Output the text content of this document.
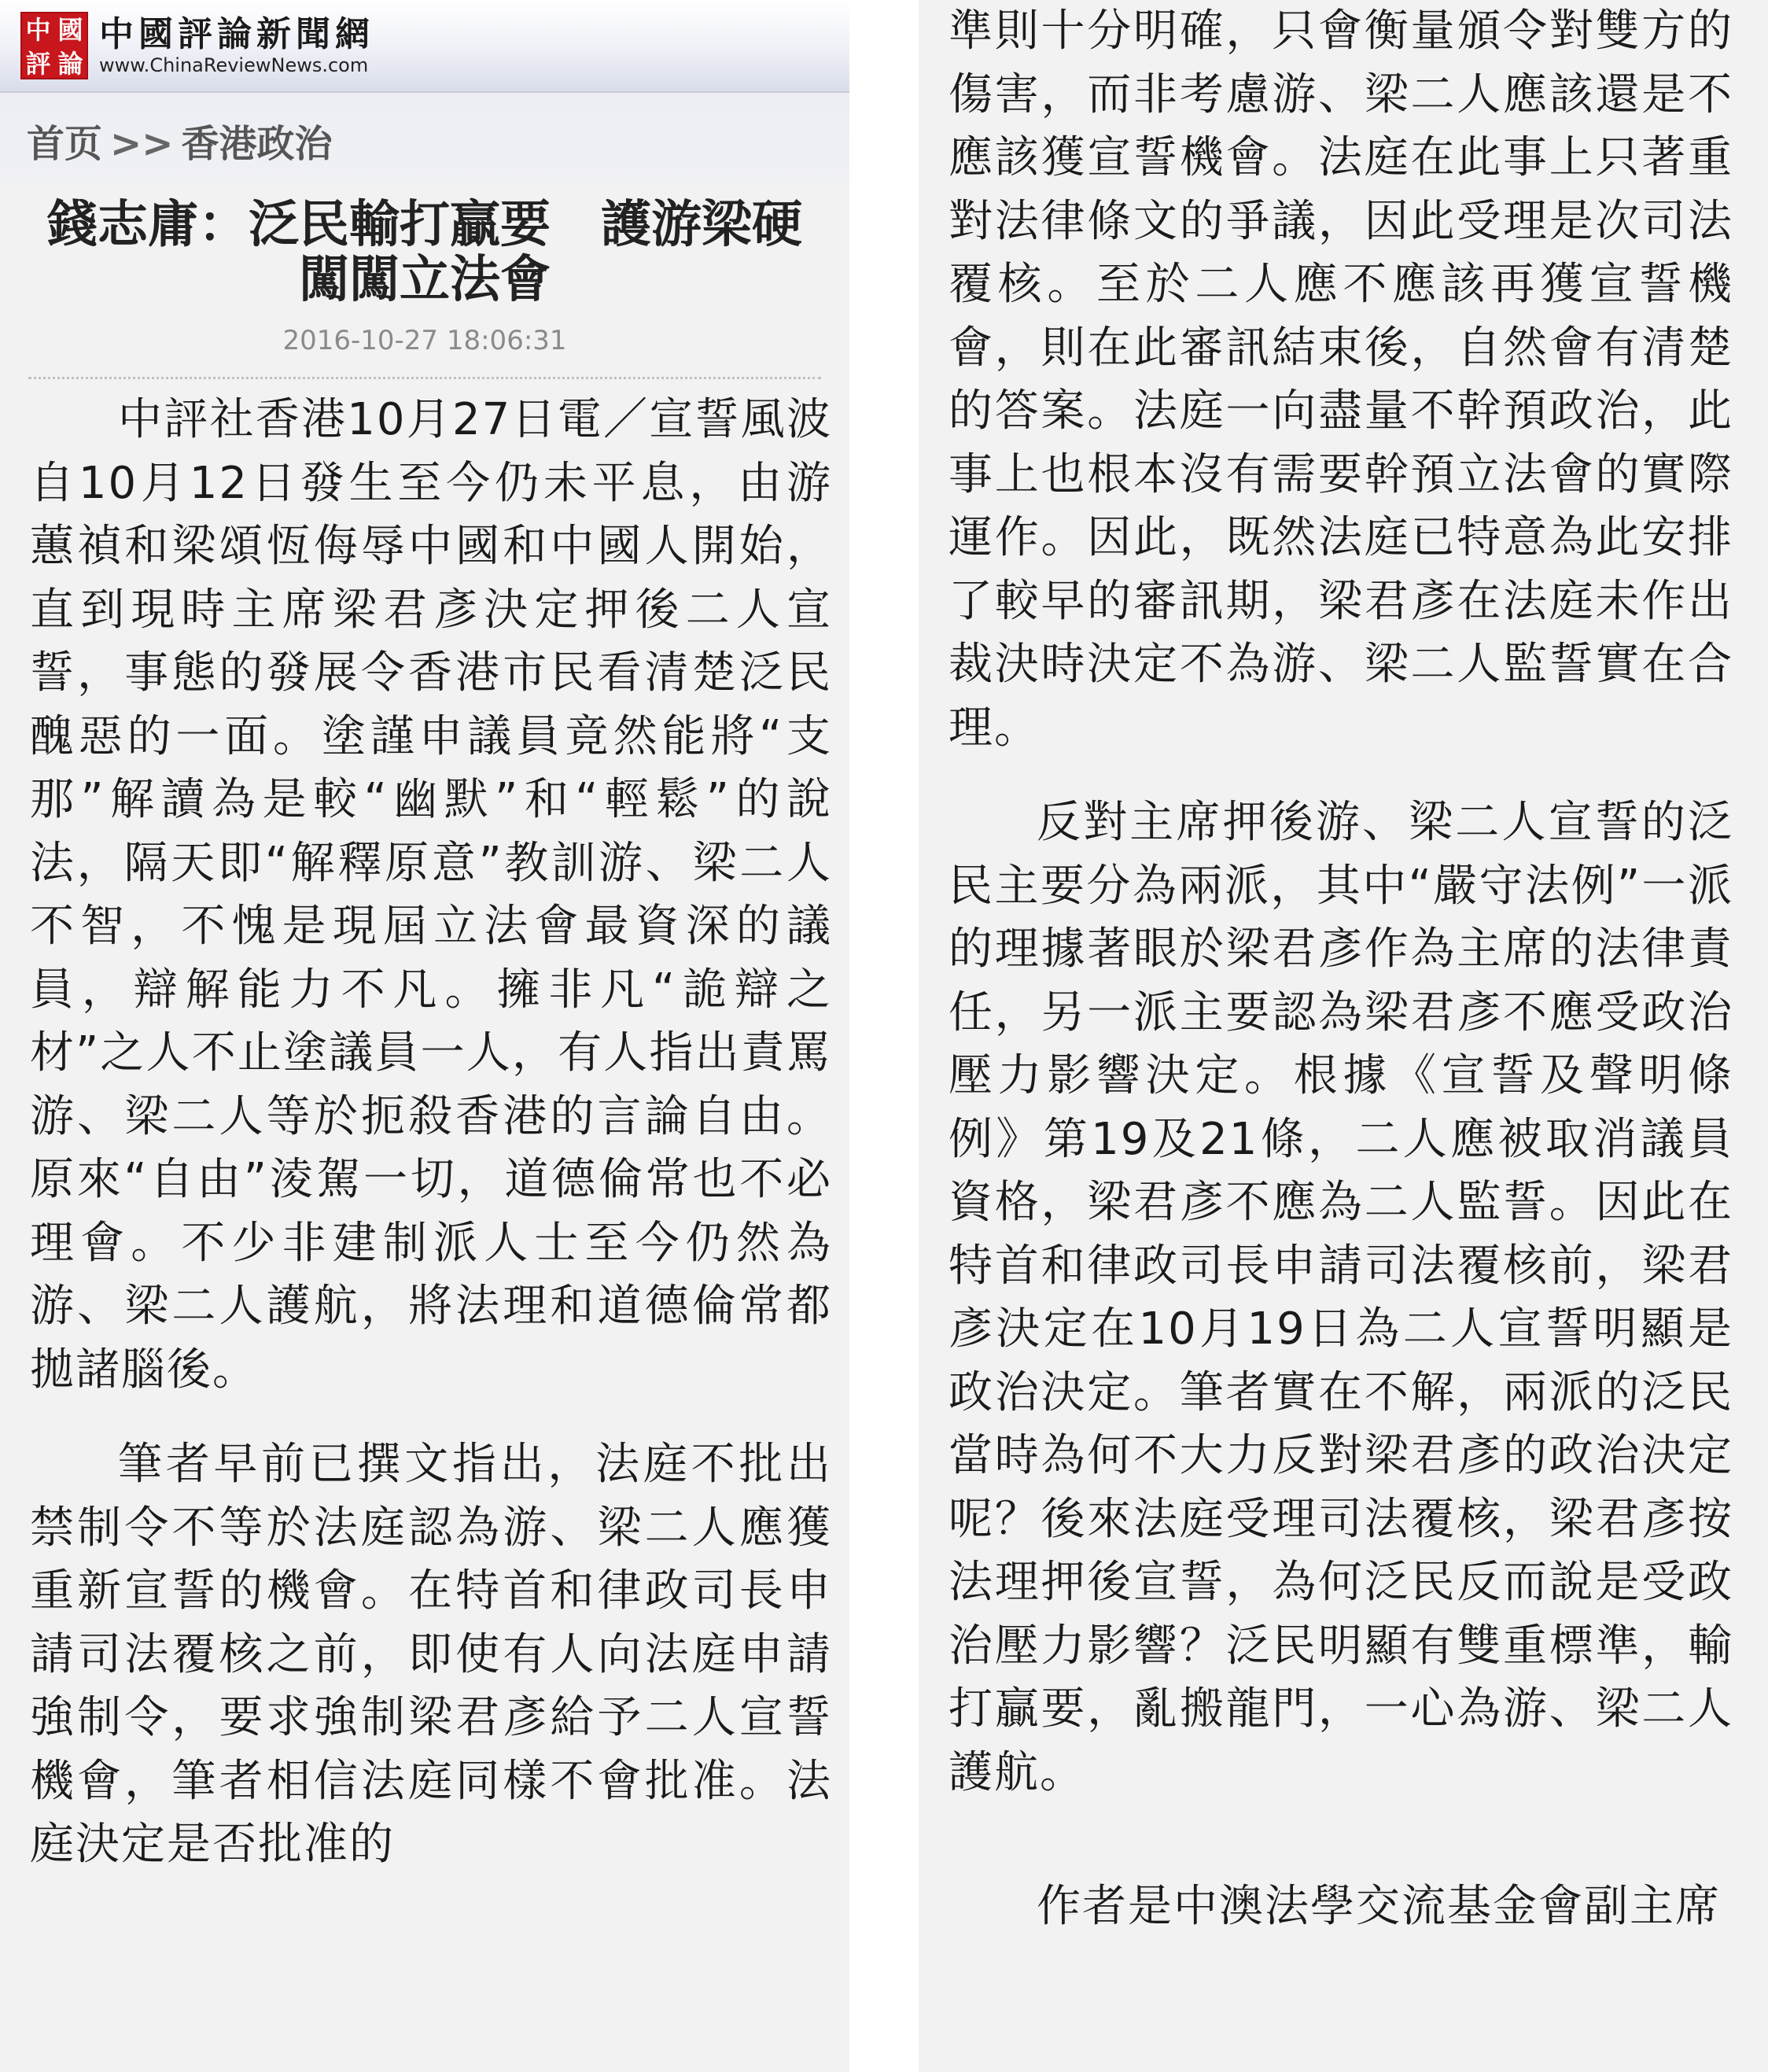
中 國
評 論
中國評論新聞網
www.ChinaReviewNews.com
首页 >> 香港政治
錢志庸：泛民輸打贏要　護游梁硬闖闖立法會
2016-10-27 18:06:31

中評社香港10月27日電／宣誓風波自10月12日發生至今仍未平息，由游蕙禎和梁頌恆侮辱中國和中國人開始，直到現時主席梁君彥決定押後二人宣誓，事態的發展令香港市民看清楚泛民醜惡的一面。塗謹申議員竟然能將“支那”解讀為是較“幽默”和“輕鬆”的說法，隔天即“解釋原意”教訓游、梁二人不智，不愧是現屆立法會最資深的議員，辯解能力不凡。擁非凡“詭辯之材”之人不止塗議員一人，有人指出責罵游、梁二人等於扼殺香港的言論自由。原來“自由”淩駕一切，道德倫常也不必理會。不少非建制派人士至今仍然為游、梁二人護航，將法理和道德倫常都拋諸腦後。

筆者早前已撰文指出，法庭不批出禁制令不等於法庭認為游、梁二人應獲重新宣誓的機會。在特首和律政司長申請司法覆核之前，即使有人向法庭申請強制令，要求強制梁君彥給予二人宣誓機會，筆者相信法庭同樣不會批准。法庭決定是否批准的

準則十分明確，只會衡量頒令對雙方的傷害，而非考慮游、梁二人應該還是不應該獲宣誓機會。法庭在此事上只著重對法律條文的爭議，因此受理是次司法覆核。至於二人應不應該再獲宣誓機會，則在此審訊結束後，自然會有清楚的答案。法庭一向盡量不幹預政治，此事上也根本沒有需要幹預立法會的實際運作。因此，既然法庭已特意為此安排了較早的審訊期，梁君彥在法庭未作出裁決時決定不為游、梁二人監誓實在合理。

反對主席押後游、梁二人宣誓的泛民主要分為兩派，其中“嚴守法例”一派的理據著眼於梁君彥作為主席的法律責任，另一派主要認為梁君彥不應受政治壓力影響決定。根據《宣誓及聲明條例》第19及21條，二人應被取消議員資格，梁君彥不應為二人監誓。因此在特首和律政司長申請司法覆核前，梁君彥決定在10月19日為二人宣誓明顯是政治決定。筆者實在不解，兩派的泛民當時為何不大力反對梁君彥的政治決定呢？後來法庭受理司法覆核，梁君彥按法理押後宣誓，為何泛民反而說是受政治壓力影響？泛民明顯有雙重標準，輸打贏要，亂搬龍門，一心為游、梁二人護航。

作者是中澳法學交流基金會副主席
